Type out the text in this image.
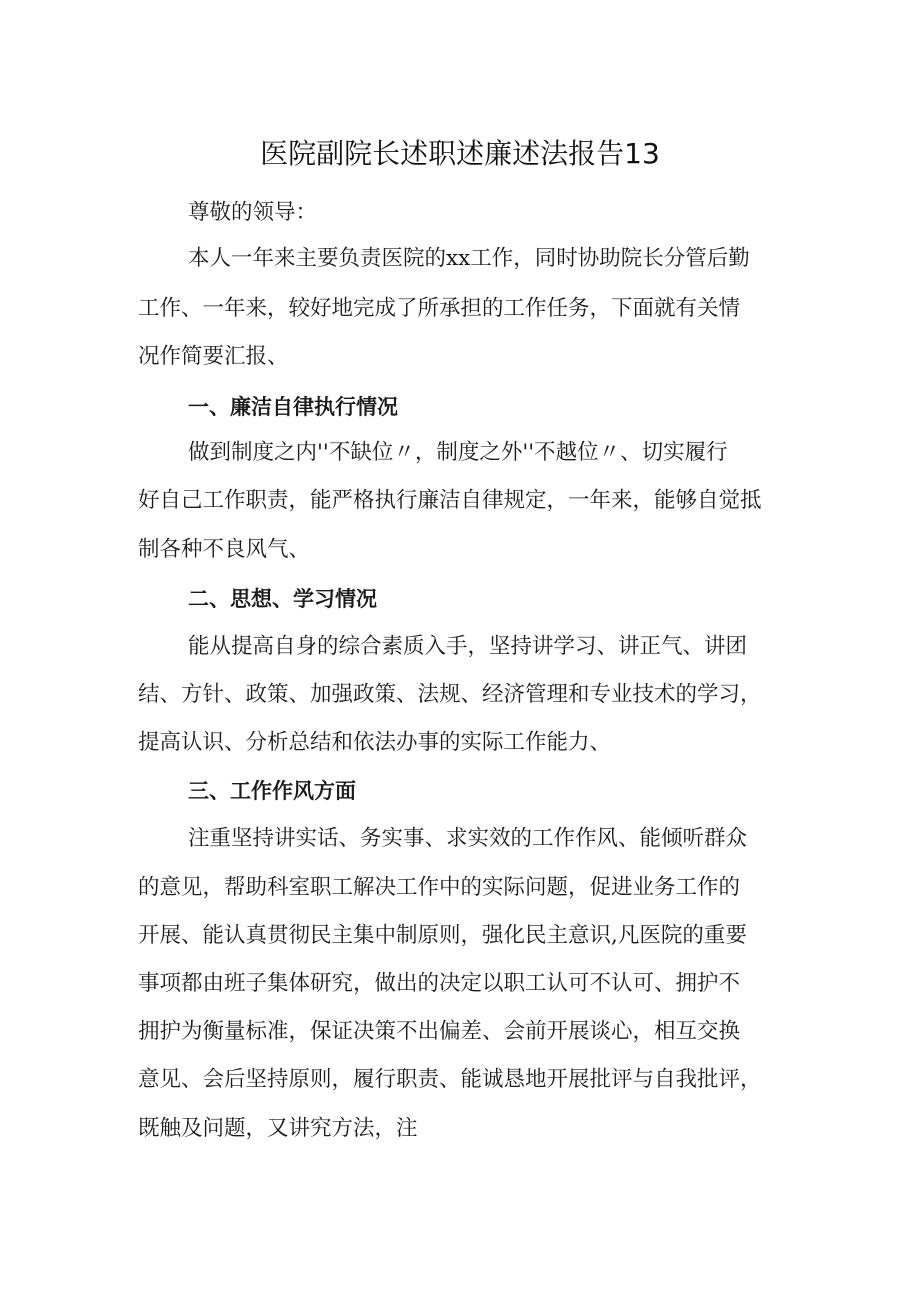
医院副院长述职述廉述法报告13
尊敬的领导：
本人一年来主要负责医院的xx工作，同时协助院长分管后勤
工作、一年来，较好地完成了所承担的工作任务，下面就有关情
况作简要汇报、
一、廉洁自律执行情况
做到制度之内''不缺位〃，制度之外''不越位〃、切实履行
好自己工作职责，能严格执行廉洁自律规定，一年来，能够自觉抵
制各种不良风气、
二、思想、学习情况
能从提高自身的综合素质入手，坚持讲学习、讲正气、讲团
结、方针、政策、加强政策、法规、经济管理和专业技术的学习，
提高认识、分析总结和依法办事的实际工作能力、
三、工作作风方面
注重坚持讲实话、务实事、求实效的工作作风、能倾听群众
的意见，帮助科室职工解决工作中的实际问题，促进业务工作的
开展、能认真贯彻民主集中制原则，强化民主意识,凡医院的重要
事项都由班子集体研究，做出的决定以职工认可不认可、拥护不
拥护为衡量标准，保证决策不出偏差、会前开展谈心，相互交换
意见、会后坚持原则，履行职责、能诚恳地开展批评与自我批评，
既触及问题，又讲究方法，注
